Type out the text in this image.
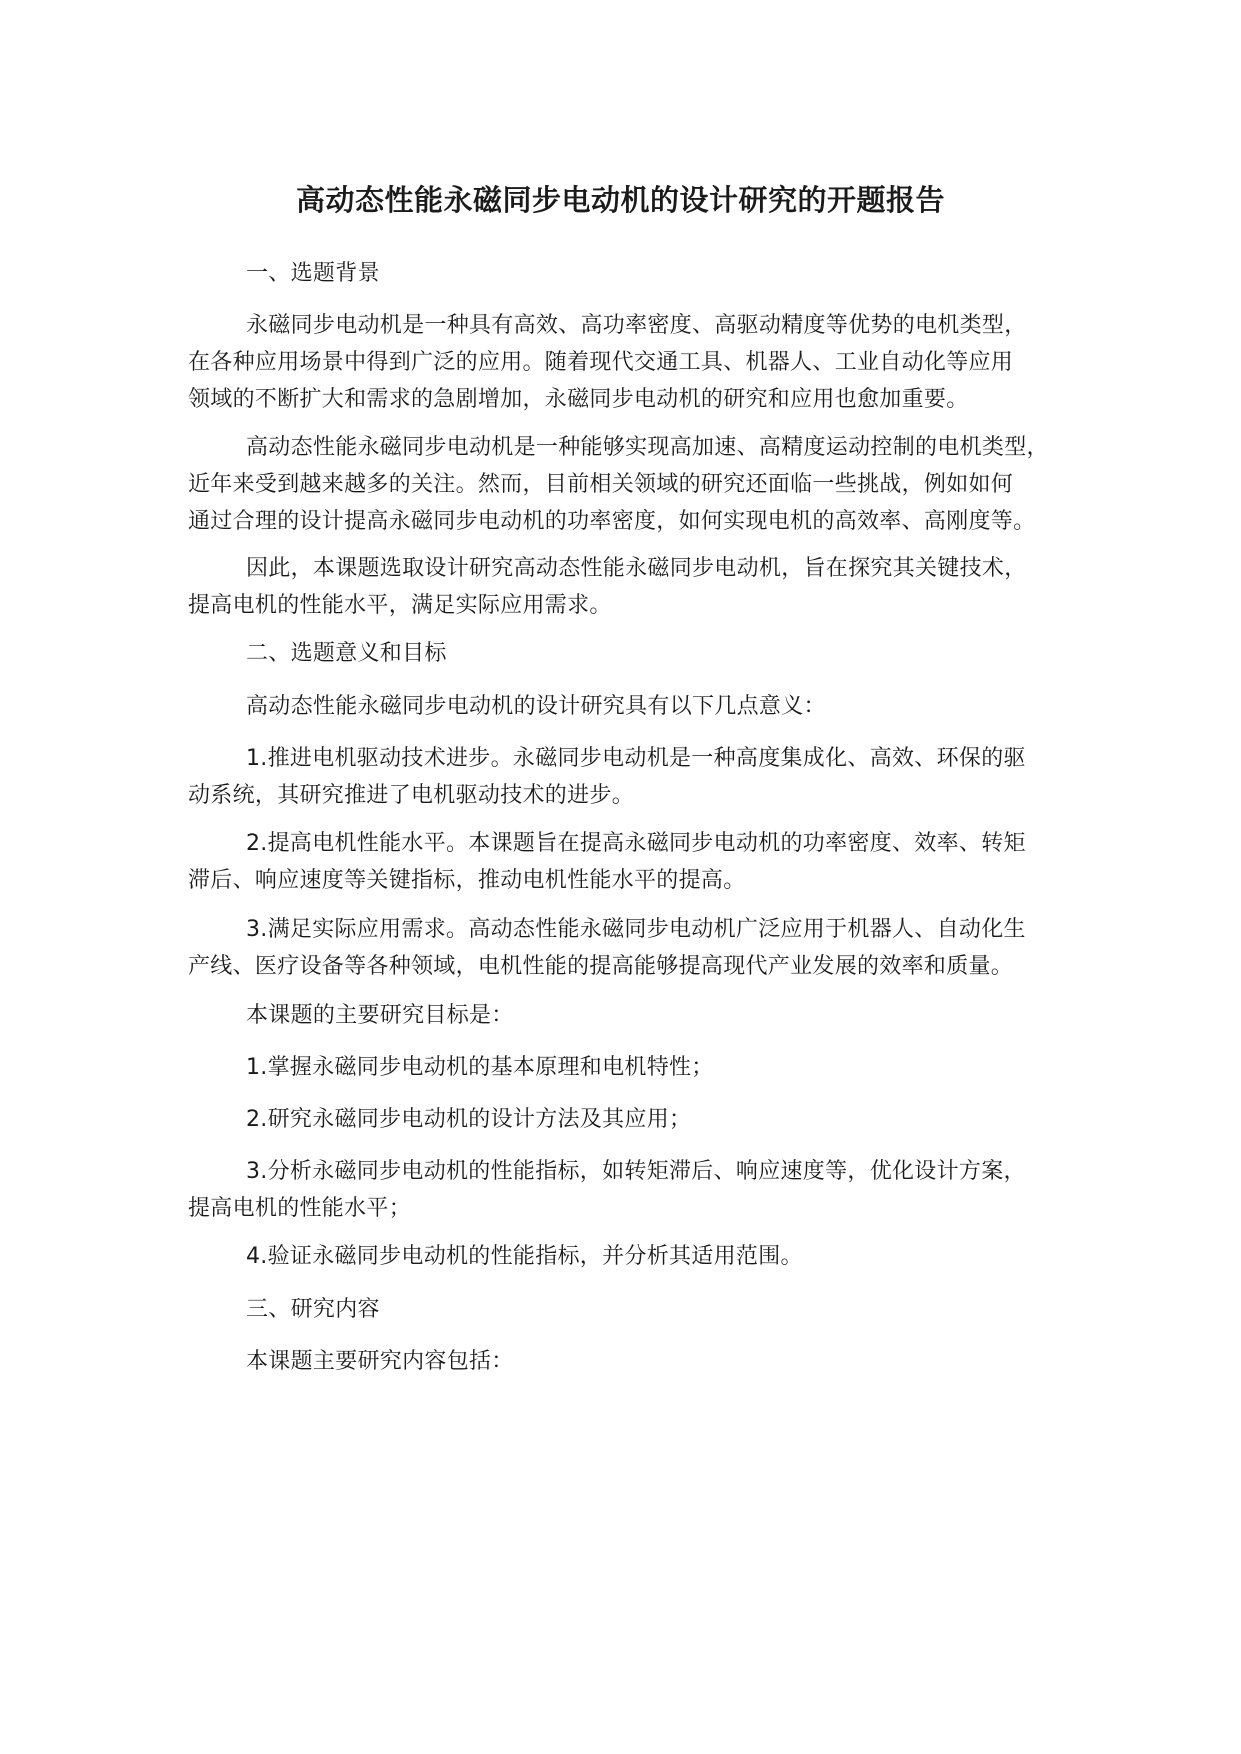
高动态性能永磁同步电动机的设计研究的开题报告

一、选题背景

永磁同步电动机是一种具有高效、高功率密度、高驱动精度等优势的电机类型，
在各种应用场景中得到广泛的应用。随着现代交通工具、机器人、工业自动化等应用
领域的不断扩大和需求的急剧增加，永磁同步电动机的研究和应用也愈加重要。

高动态性能永磁同步电动机是一种能够实现高加速、高精度运动控制的电机类型，
近年来受到越来越多的关注。然而，目前相关领域的研究还面临一些挑战，例如如何
通过合理的设计提高永磁同步电动机的功率密度，如何实现电机的高效率、高刚度等。

因此，本课题选取设计研究高动态性能永磁同步电动机，旨在探究其关键技术，
提高电机的性能水平，满足实际应用需求。

二、选题意义和目标

高动态性能永磁同步电动机的设计研究具有以下几点意义：

1.推进电机驱动技术进步。永磁同步电动机是一种高度集成化、高效、环保的驱
动系统，其研究推进了电机驱动技术的进步。

2.提高电机性能水平。本课题旨在提高永磁同步电动机的功率密度、效率、转矩
滞后、响应速度等关键指标，推动电机性能水平的提高。

3.满足实际应用需求。高动态性能永磁同步电动机广泛应用于机器人、自动化生
产线、医疗设备等各种领域，电机性能的提高能够提高现代产业发展的效率和质量。

本课题的主要研究目标是：

1.掌握永磁同步电动机的基本原理和电机特性；

2.研究永磁同步电动机的设计方法及其应用；

3.分析永磁同步电动机的性能指标，如转矩滞后、响应速度等，优化设计方案，
提高电机的性能水平；

4.验证永磁同步电动机的性能指标，并分析其适用范围。

三、研究内容

本课题主要研究内容包括：
